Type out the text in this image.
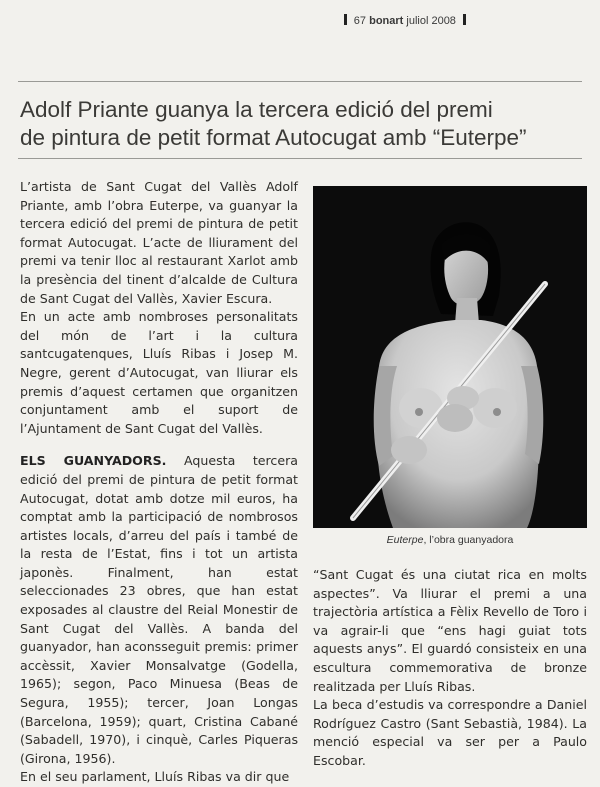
67 bonart juliol 2008
Adolf Priante guanya la tercera edició del premi
de pintura de petit format Autocugat amb “Euterpe”

L’artista de Sant Cugat del Vallès Adolf Priante, amb l’obra Euterpe, va guanyar la tercera edició del premi de pintura de petit format Autocugat. L’acte de lliurament del premi va tenir lloc al restaurant Xarlot amb la presència del tinent d’alcalde de Cultura de Sant Cugat del Vallès, Xavier Escura.

En un acte amb nombroses personalitats del món de l’art i la cultura santcugatenques, Lluís Ribas i Josep M. Negre, gerent d’Autocugat, van lliurar els premis d’aquest certamen que organitzen conjuntament amb el suport de l’Ajuntament de Sant Cugat del Vallès.

ELS GUANYADORS. Aquesta tercera edició del premi de pintura de petit format Autocugat, dotat amb dotze mil euros, ha comptat amb la participació de nombrosos artistes locals, d’arreu del país i també de la resta de l’Estat, fins i tot un artista japonès. Finalment, han estat seleccionades 23 obres, que han estat exposades al claustre del Reial Monestir de Sant Cugat del Vallès. A banda del guanyador, han aconsseguit premis: primer accèssit, Xavier Monsalvatge (Godella, 1965); segon, Paco Minuesa (Beas de Segura, 1955); tercer, Joan Longas (Barcelona, 1959); quart, Cristina Cabané (Sabadell, 1970), i cinquè, Carles Piqueras (Girona, 1956).

En el seu parlament, Lluís Ribas va dir que

Euterpe, l’obra guanyadora

“Sant Cugat és una ciutat rica en molts aspectes”. Va lliurar el premi a una trajectòria artística a Fèlix Revello de Toro i va agrair-li que “ens hagi guiat tots aquests anys”. El guardó consisteix en una escultura commemorativa de bronze realitzada per Lluís Ribas.

La beca d’estudis va correspondre a Daniel Rodríguez Castro (Sant Sebastià, 1984). La menció especial va ser per a Paulo Escobar.
